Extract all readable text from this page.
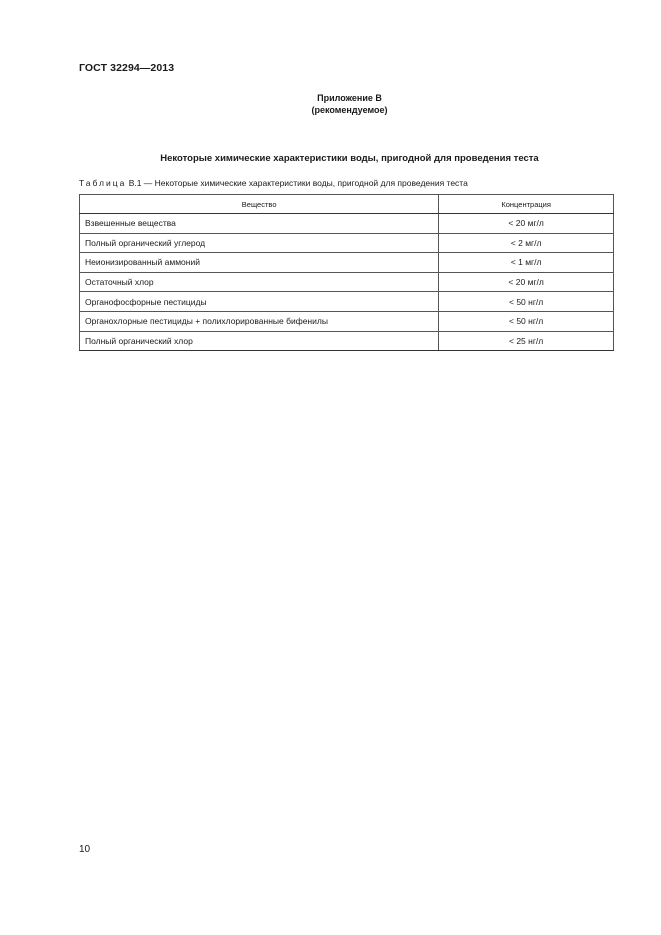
ГОСТ 32294—2013
Приложение В
(рекомендуемое)
Некоторые химические характеристики воды, пригодной для проведения теста
Таблица В.1 — Некоторые химические характеристики воды, пригодной для проведения теста
Вещество	Концентрация
Взвешенные вещества	< 20 мг/л
Полный органический углерод	< 2 мг/л
Неионизированный аммоний	< 1 мг/л
Остаточный хлор	< 20 мг/л
Органофосфорные пестициды	< 50 нг/л
Органохлорные пестициды + полихлорированные бифенилы	< 50 нг/л
Полный органический хлор	< 25 нг/л
10
